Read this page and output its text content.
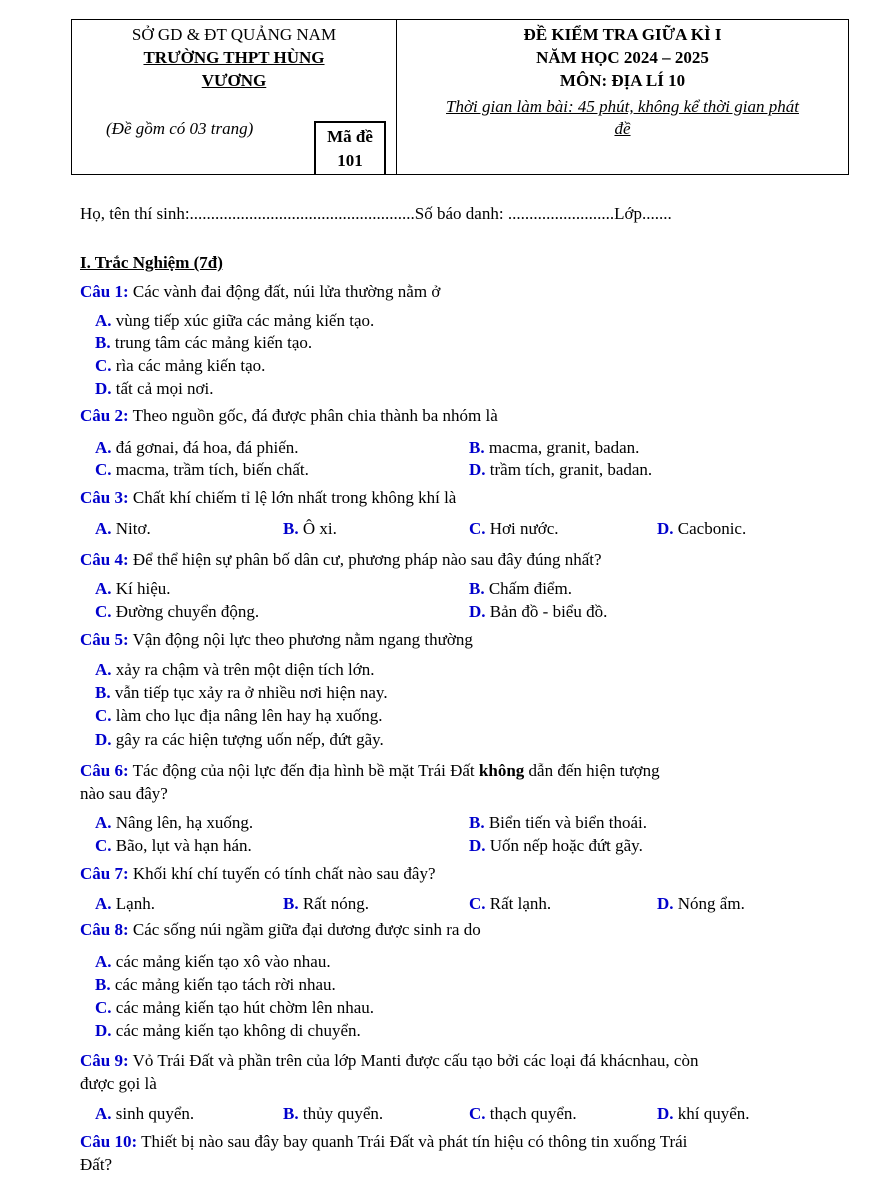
SỞ GD & ĐT QUẢNG NAM
TRƯỜNG THPT HÙNG
VƯƠNG
(Đề gồm có 03 trang)	Mã đề
101
ĐỀ KIỂM TRA GIỮA KÌ I
NĂM HỌC 2024 – 2025
MÔN: ĐỊA LÍ 10
Thời gian làm bài: 45 phút, không kể thời gian phát
đề
Họ, tên thí sinh:.....................................................Số báo danh: .........................Lớp.......
I. Trắc Nghiệm (7đ)
Câu 1: Các vành đai động đất, núi lửa thường nằm ở
A. vùng tiếp xúc giữa các mảng kiến tạo.
B. trung tâm các mảng kiến tạo.
C. rìa các mảng kiến tạo.
D. tất cả mọi nơi.
Câu 2: Theo nguồn gốc, đá được phân chia thành ba nhóm là
A. đá gơnai, đá hoa, đá phiến.	B. macma, granit, badan.
C. macma, trầm tích, biến chất.	D. trầm tích, granit, badan.
Câu 3: Chất khí chiếm tỉ lệ lớn nhất trong không khí là
A. Nitơ.	B. Ô xi.	C. Hơi nước.	D. Cacbonic.
Câu 4: Để thể hiện sự phân bố dân cư, phương pháp nào sau đây đúng nhất?
A. Kí hiệu.	B. Chấm điểm.
C. Đường chuyển động.	D. Bản đồ - biểu đồ.
Câu 5: Vận động nội lực theo phương nằm ngang thường
A. xảy ra chậm và trên một diện tích lớn.
B. vẫn tiếp tục xảy ra ở nhiều nơi hiện nay.
C. làm cho lục địa nâng lên hay hạ xuống.
D. gây ra các hiện tượng uốn nếp, đứt gãy.
Câu 6: Tác động của nội lực đến địa hình bề mặt Trái Đất không dẫn đến hiện tượng
nào sau đây?
A. Nâng lên, hạ xuống.	B. Biển tiến và biển thoái.
C. Bão, lụt và hạn hán.	D. Uốn nếp hoặc đứt gãy.
Câu 7: Khối khí chí tuyến có tính chất nào sau đây?
A. Lạnh.	B. Rất nóng.	C. Rất lạnh.	D. Nóng ẩm.
Câu 8: Các sống núi ngầm giữa đại dương được sinh ra do
A. các mảng kiến tạo xô vào nhau.
B. các mảng kiến tạo tách rời nhau.
C. các mảng kiến tạo hút chờm lên nhau.
D. các mảng kiến tạo không di chuyển.
Câu 9: Vỏ Trái Đất và phần trên của lớp Manti được cấu tạo bởi các loại đá khácnhau, còn
được gọi là
A. sinh quyển.	B. thủy quyển.	C. thạch quyển.	D. khí quyển.
Câu 10: Thiết bị nào sau đây bay quanh Trái Đất và phát tín hiệu có thông tin xuống Trái
Đất?
